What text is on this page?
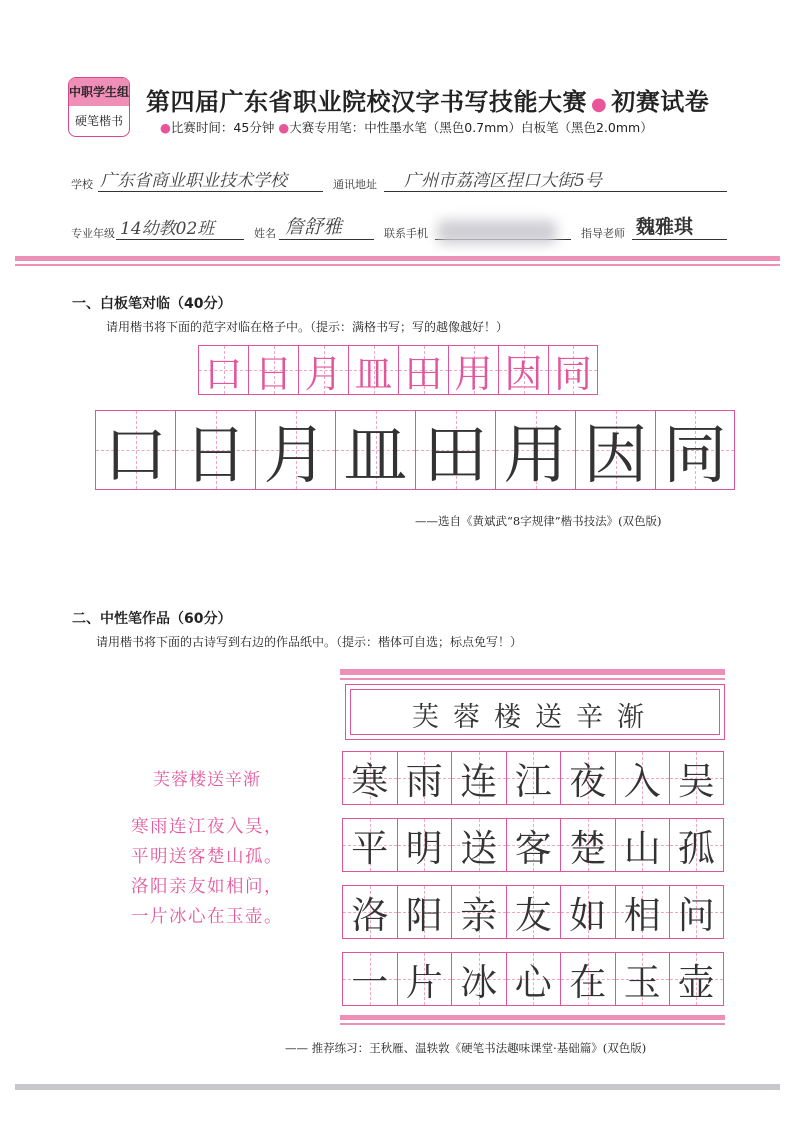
中职学生组
硬笔楷书
第四届广东省职业院校汉字书写技能大赛 ● 初赛试卷
●比赛时间：45分钟 ●大赛专用笔：中性墨水笔（黑色0.7mm）白板笔（黑色2.0mm）
学校 广东省商业职业技术学校	通讯地址 广州市荔湾区捏口大街5号
专业年级 14幼教02班	姓名 詹舒雅	联系手机	指导老师 魏雅琪
一、白板笔对临（40分）
请用楷书将下面的范字对临在格子中。（提示：满格书写；写的越像越好！）
口 日 月 皿 田 用 因 同
口 日 月 皿 田 用 因 同
——选自《黄斌武“8字规律”楷书技法》(双色版)
二、中性笔作品（60分）
请用楷书将下面的古诗写到右边的作品纸中。（提示：楷体可自选；标点免写！）
芙蓉楼送辛渐
寒雨连江夜入吴，
平明送客楚山孤。
洛阳亲友如相问，
一片冰心在玉壶。
芙蓉楼送辛渐
寒 雨 连 江 夜 入 吴
平 明 送 客 楚 山 孤
洛 阳 亲 友 如 相 问
一 片 冰 心 在 玉 壶
—— 推荐练习：王秋雁、温轶敦《硬笔书法趣味课堂·基础篇》(双色版)
